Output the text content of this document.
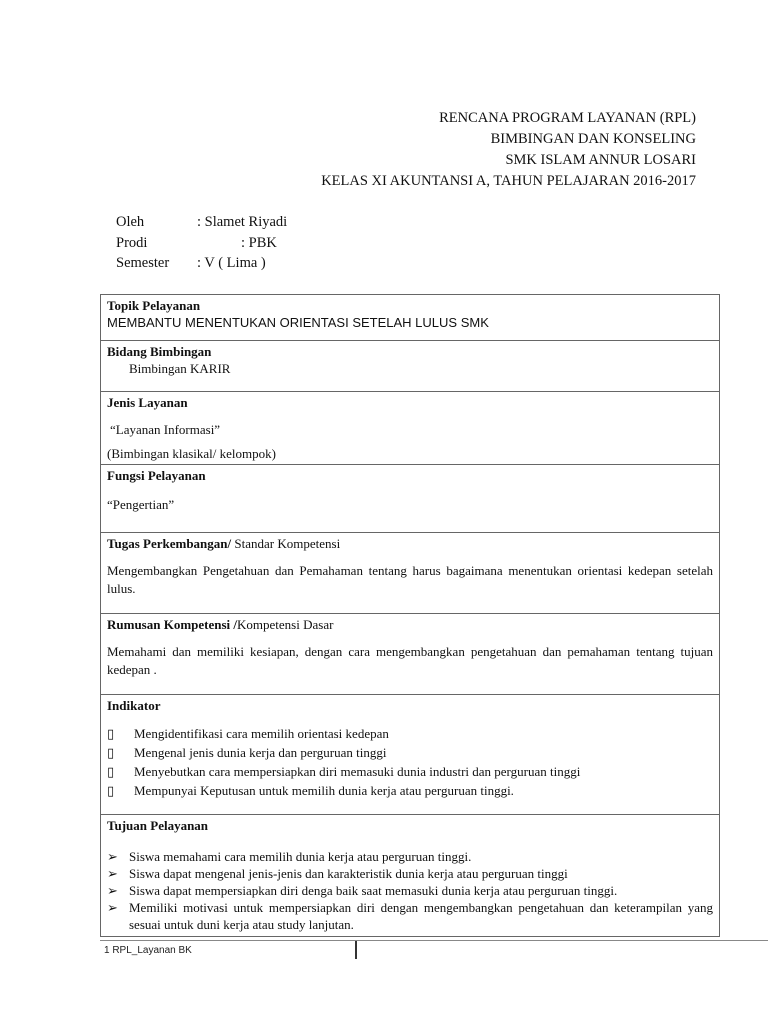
RENCANA PROGRAM LAYANAN (RPL)
BIMBINGAN DAN KONSELING
SMK ISLAM ANNUR LOSARI
KELAS XI AKUNTANSI A, TAHUN PELAJARAN 2016-2017
Oleh	: Slamet Riyadi
Prodi	: PBK
Semester	: V ( Lima )
Topik Pelayanan
MEMBANTU MENENTUKAN ORIENTASI SETELAH LULUS SMK
Bidang Bimbingan
Bimbingan KARIR
Jenis Layanan
“Layanan Informasi”
(Bimbingan klasikal/ kelompok)
Fungsi Pelayanan
“Pengertian”
Tugas Perkembangan/ Standar Kompetensi
Mengembangkan Pengetahuan dan Pemahaman tentang harus bagaimana menentukan orientasi kedepan setelah lulus.
Rumusan Kompetensi /Kompetensi Dasar
Memahami dan memiliki kesiapan, dengan cara mengembangkan pengetahuan dan pemahaman tentang tujuan kedepan .
Indikator
▯	Mengidentifikasi cara memilih orientasi kedepan
▯	Mengenal jenis dunia kerja dan perguruan tinggi
▯	Menyebutkan cara mempersiapkan diri memasuki dunia industri dan perguruan tinggi
▯	Mempunyai Keputusan untuk memilih dunia kerja atau perguruan tinggi.
Tujuan Pelayanan
➢ Siswa memahami cara memilih dunia kerja atau perguruan tinggi.
➢ Siswa dapat mengenal jenis-jenis dan karakteristik dunia kerja atau perguruan tinggi
➢ Siswa dapat mempersiapkan diri denga baik saat memasuki dunia kerja atau perguruan tinggi.
➢ Memiliki motivasi untuk mempersiapkan diri dengan mengembangkan pengetahuan dan keterampilan yang sesuai untuk duni kerja atau study lanjutan.
1 RPL_Layanan BK
